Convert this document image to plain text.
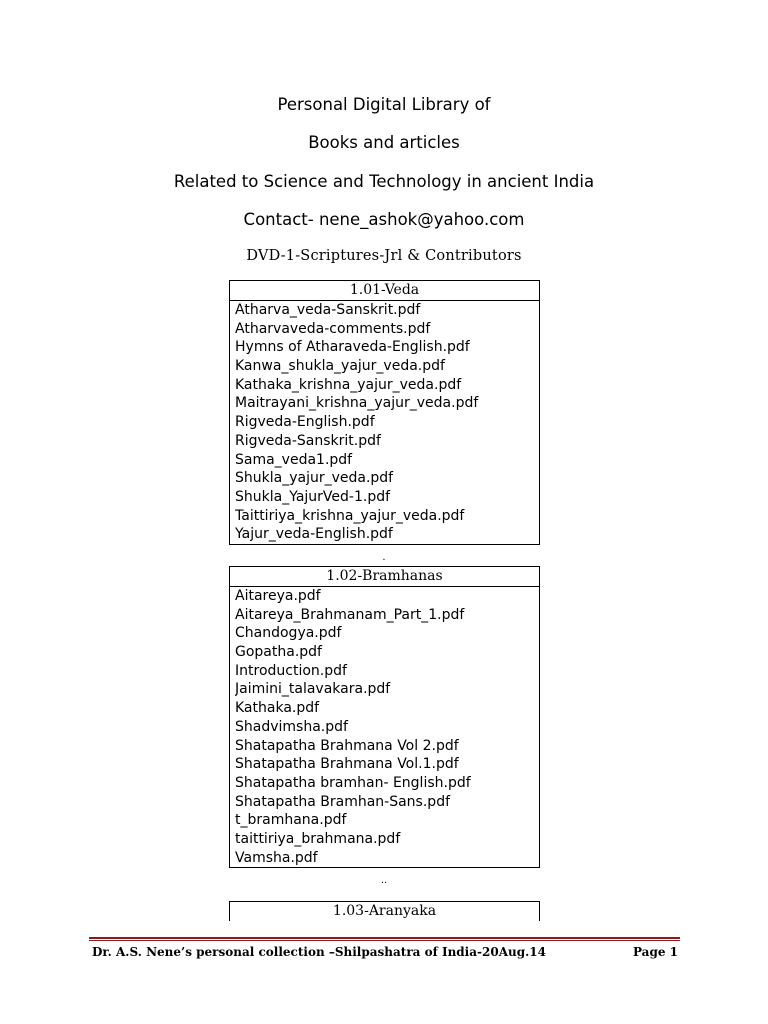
Personal Digital Library of
Books and articles
Related to Science and Technology in ancient India
Contact- nene_ashok@yahoo.com
DVD-1-Scriptures-Jrl & Contributors
1.01-Veda
Atharva_veda-Sanskrit.pdf
Atharvaveda-comments.pdf
Hymns of Atharaveda-English.pdf
Kanwa_shukla_yajur_veda.pdf
Kathaka_krishna_yajur_veda.pdf
Maitrayani_krishna_yajur_veda.pdf
Rigveda-English.pdf
Rigveda-Sanskrit.pdf
Sama_veda1.pdf
Shukla_yajur_veda.pdf
Shukla_YajurVed-1.pdf
Taittiriya_krishna_yajur_veda.pdf
Yajur_veda-English.pdf
.
1.02-Bramhanas
Aitareya.pdf
Aitareya_Brahmanam_Part_1.pdf
Chandogya.pdf
Gopatha.pdf
Introduction.pdf
Jaimini_talavakara.pdf
Kathaka.pdf
Shadvimsha.pdf
Shatapatha Brahmana Vol 2.pdf
Shatapatha Brahmana Vol.1.pdf
Shatapatha bramhan- English.pdf
Shatapatha Bramhan-Sans.pdf
t_bramhana.pdf
taittiriya_brahmana.pdf
Vamsha.pdf
..
1.03-Aranyaka
Dr. A.S. Nene’s personal collection –Shilpashatra of India-20Aug.14	Page 1
